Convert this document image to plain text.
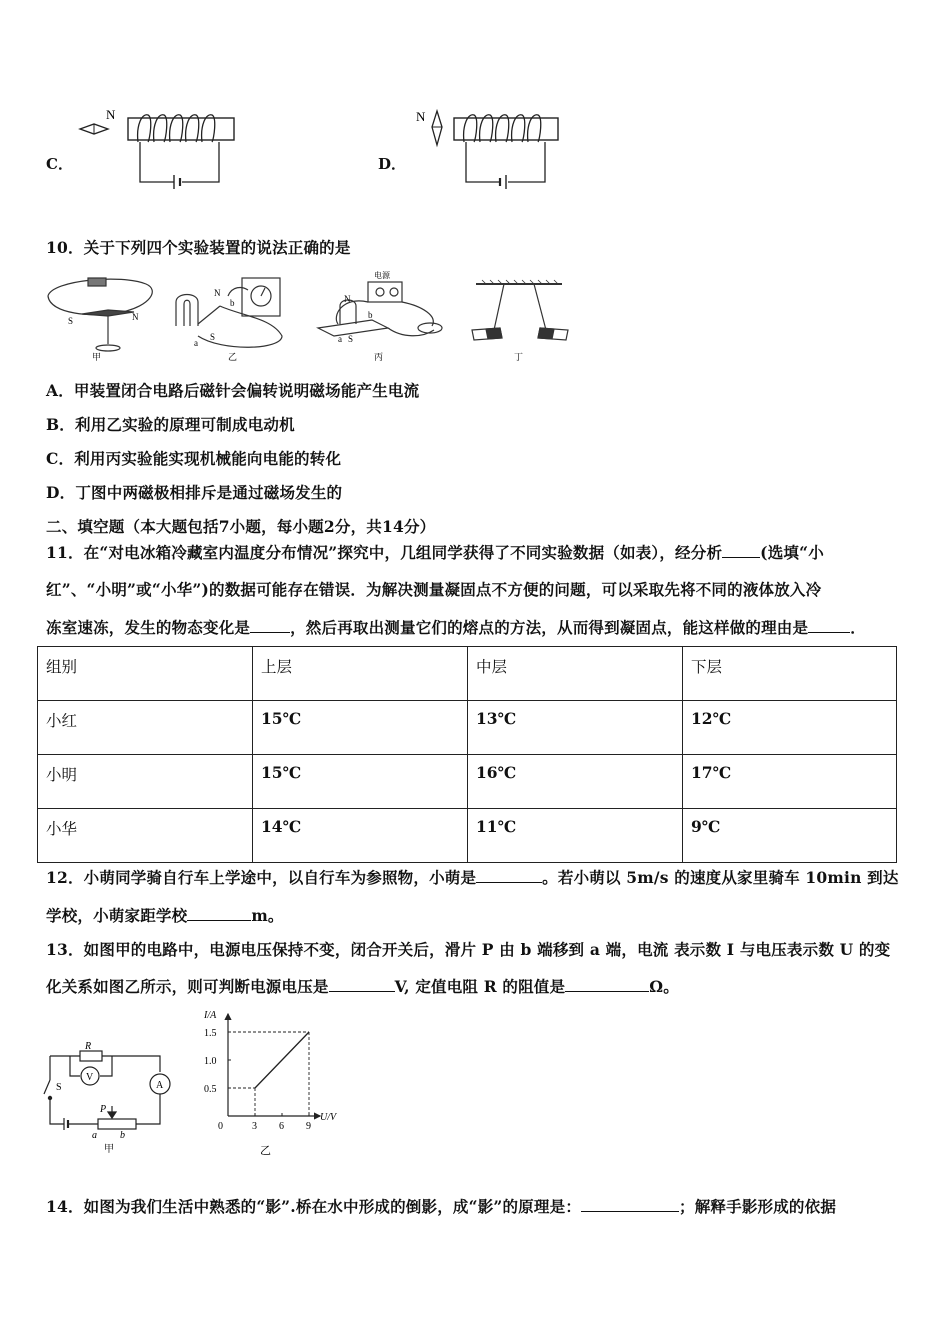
C．
N
D．
N
10．关于下列四个实验装置的说法正确的是
S	N
甲
N
S
a
b
乙
电源
N
S
a
b
丙	丁
A．甲装置闭合电路后磁针会偏转说明磁场能产生电流
B．利用乙实验的原理可制成电动机
C．利用丙实验能实现机械能向电能的转化
D．丁图中两磁极相排斥是通过磁场发生的
二、填空题（本大题包括7小题，每小题2分，共14分）
11．在“对电冰箱冷藏室内温度分布情况”探究中，几组同学获得了不同实验数据（如表），经分析 (选填“小
红”、“小明”或“小华”)的数据可能存在错误．为解决测量凝固点不方便的问题，可以采取先将不同的液体放入冷
冻室速冻，发生的物态变化是	，然后再取出测量它们的熔点的方法，从而得到凝固点，能这样做的理由是	．
组别	上层	中层	下层
小红	15℃	13℃	12℃
小明	15℃	16℃	17℃
小华	14℃	11℃	9℃
12．小萌同学骑自行车上学途中，以自行车为参照物，小萌是	。若小萌以 5m/s 的速度从家里骑车 10min 到达
学校，小萌家距学校	m。
13．如图甲的电路中，电源电压保持不变，闭合开关后，滑片 P 由 b 端移到 a 端，电流 表示数 I 与电压表示数 U 的变
化关系如图乙所示，则可判断电源电压是	V, 定值电阻 R 的阻值是	Ω。
R
V
A
S
P
a b
甲
I/A
U/V
0	3 6 9
0.5
1.0
1.5
乙
14．如图为我们生活中熟悉的“影”.桥在水中形成的倒影，成“影”的原理是：	；解释手影形成的依据
